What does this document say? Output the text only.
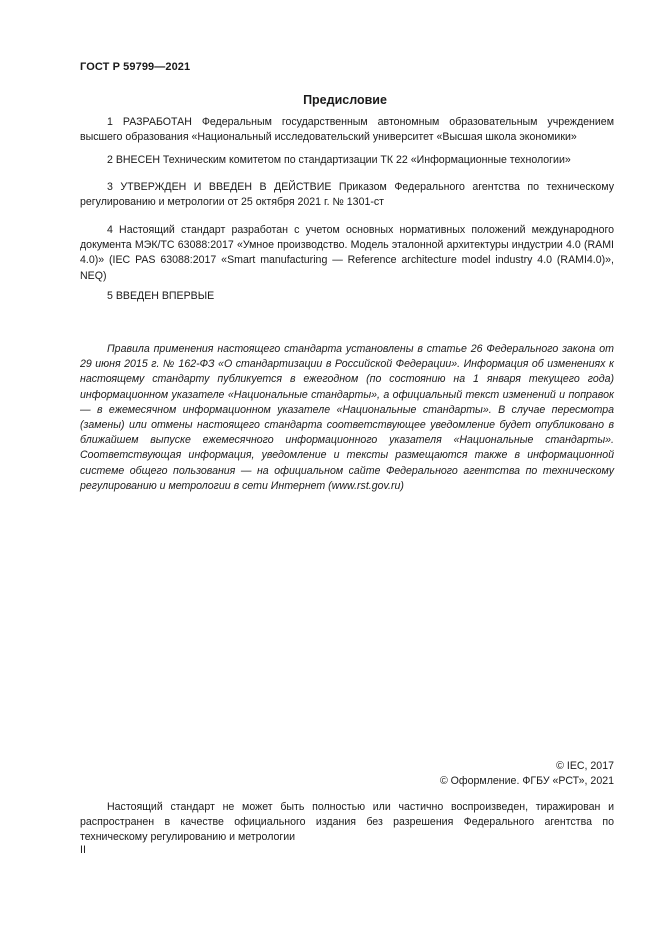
ГОСТ Р 59799—2021
Предисловие

1 РАЗРАБОТАН Федеральным государственным автономным образовательным учреждением высшего образования «Национальный исследовательский университет «Высшая школа экономики»

2 ВНЕСЕН Техническим комитетом по стандартизации ТК 22 «Информационные технологии»

3 УТВЕРЖДЕН И ВВЕДЕН В ДЕЙСТВИЕ Приказом Федерального агентства по техническому регулированию и метрологии от 25 октября 2021 г. № 1301-ст

4 Настоящий стандарт разработан с учетом основных нормативных положений международного документа МЭК/ТС 63088:2017 «Умное производство. Модель эталонной архитектуры индустрии 4.0 (RAMI 4.0)» (IEC PAS 63088:2017 «Smart manufacturing — Reference architecture model industry 4.0 (RAMI4.0)», NEQ)

5 ВВЕДЕН ВПЕРВЫЕ

Правила применения настоящего стандарта установлены в статье 26 Федерального закона от 29 июня 2015 г. № 162-ФЗ «О стандартизации в Российской Федерации». Информация об изменениях к настоящему стандарту публикуется в ежегодном (по состоянию на 1 января текущего года) информационном указателе «Национальные стандарты», а официальный текст изменений и поправок — в ежемесячном информационном указателе «Национальные стандарты». В случае пересмотра (замены) или отмены настоящего стандарта соответствующее уведомление будет опубликовано в ближайшем выпуске ежемесячного информационного указателя «Национальные стандарты». Соответствующая информация, уведомление и тексты размещаются также в информационной системе общего пользования — на официальном сайте Федерального агентства по техническому регулированию и метрологии в сети Интернет (www.rst.gov.ru)

© IEC, 2017
© Оформление. ФГБУ «РСТ», 2021

Настоящий стандарт не может быть полностью или частично воспроизведен, тиражирован и распространен в качестве официального издания без разрешения Федерального агентства по техническому регулированию и метрологии

II
